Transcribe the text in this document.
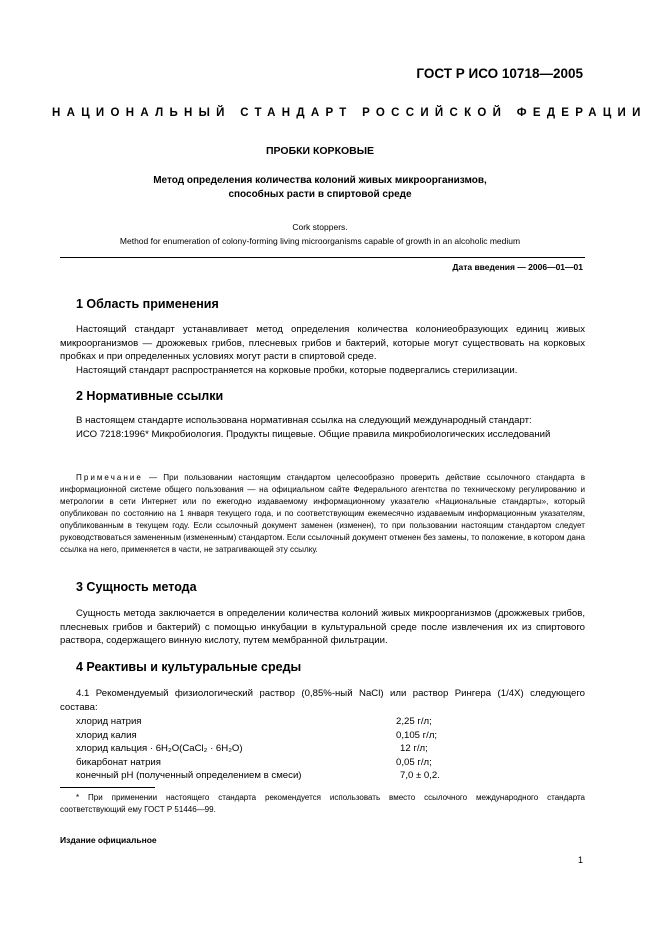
ГОСТ Р ИСО 10718—2005
НАЦИОНАЛЬНЫЙ СТАНДАРТ РОССИЙСКОЙ ФЕДЕРАЦИИ
ПРОБКИ КОРКОВЫЕ
Метод определения количества колоний живых микроорганизмов,
способных расти в спиртовой среде
Cork stoppers.
Method for enumeration of colony-forming living microorganisms capable of growth in an alcoholic medium
Дата введения — 2006—01—01
1 Область применения

Настоящий стандарт устанавливает метод определения количества колониеобразующих единиц живых микроорганизмов — дрожжевых грибов, плесневых грибов и бактерий, которые могут существовать на корковых пробках и при определенных условиях могут расти в спиртовой среде.

Настоящий стандарт распространяется на корковые пробки, которые подвергались стерилизации.

2 Нормативные ссылки

В настоящем стандарте использована нормативная ссылка на следующий международный стандарт:

ИСО 7218:1996* Микробиология. Продукты пищевые. Общие правила микробиологических исследований

Примечание — При пользовании настоящим стандартом целесообразно проверить действие ссылочного стандарта в информационной системе общего пользования — на официальном сайте Федерального агентства по техническому регулированию и метрологии в сети Интернет или по ежегодно издаваемому информационному указателю «Национальные стандарты», который опубликован по состоянию на 1 января текущего года, и по соответствующим ежемесячно издаваемым информационным указателям, опубликованным в текущем году. Если ссылочный документ заменен (изменен), то при пользовании настоящим стандартом следует руководствоваться замененным (измененным) стандартом. Если ссылочный документ отменен без замены, то положение, в котором дана ссылка на него, применяется в части, не затрагивающей эту ссылку.
3 Сущность метода

Сущность метода заключается в определении количества колоний живых микроорганизмов (дрожжевых грибов, плесневых грибов и бактерий) с помощью инкубации в культуральной среде после извлечения их из спиртового раствора, содержащего винную кислоту, путем мембранной фильтрации.

4 Реактивы и культуральные среды

4.1 Рекомендуемый физиологический раствор (0,85%-ный NaCl) или раствор Рингера (1/4X) следующего состава:

хлорид натрия	2,25 г/л;
хлорид калия	0,105 г/л;
хлорид кальция · 6H₂O(CaCl₂ · 6H₂O)	12 г/л;
бикарбонат натрия	0,05 г/л;
конечный pH (полученный определением в смеси)	7,0 ± 0,2.
* При применении настоящего стандарта рекомендуется использовать вместо ссылочного международного стандарта соответствующий ему ГОСТ Р 51446—99.
Издание официальное
1
